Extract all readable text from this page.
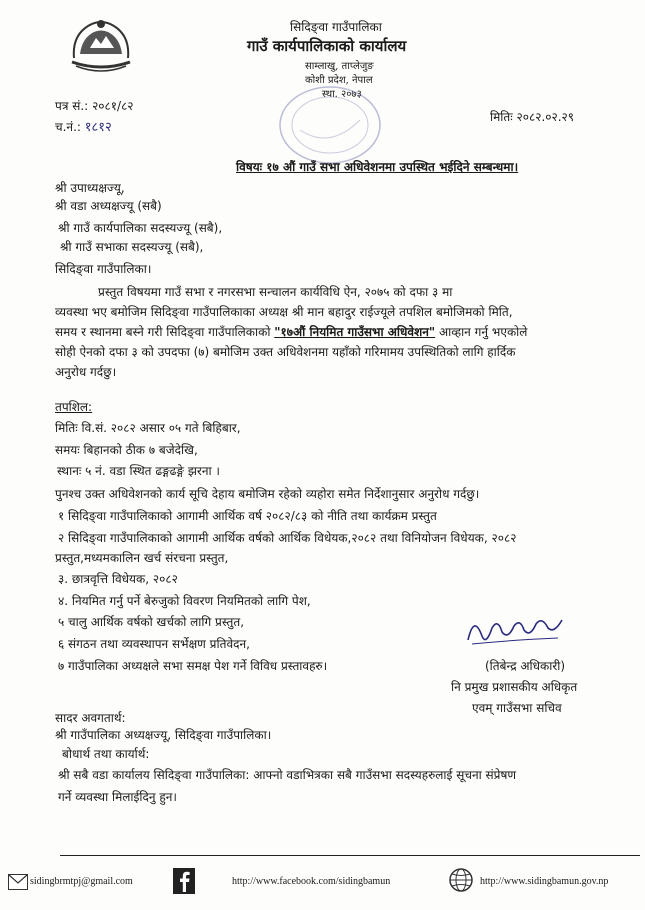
सिदिङ्वा गाउँपालिका
गाउँ कार्यपालिकाको कार्यालय
साम्लाखु, ताप्लेजुङ
कोशी प्रदेश, नेपाल
स्था. २०७३
पत्र सं.: २०८१/८२
च.नं.: १८१२
मितिः २०८२.०२.२९
विषयः १७ औं गाउँ सभा अधिवेशनमा उपस्थित भईदिने सम्बन्धमा।
श्री उपाध्यक्षज्यू,
श्री वडा अध्यक्षज्यू (सबै)
श्री गाउँ कार्यपालिका सदस्यज्यू (सबै),
श्री गाउँ सभाका सदस्यज्यू (सबै),
सिदिङ्वा गाउँपालिका।
प्रस्तुत विषयमा गाउँ सभा र नगरसभा सन्चालन कार्यविधि ऐन, २०७५ को दफा ३ मा
व्यवस्था भए बमोजिम सिदिङ्वा गाउँपालिकाका अध्यक्ष श्री मान बहादुर राईज्यूले तपशिल बमोजिमको मिति,
समय र स्थानमा बस्ने गरी सिदिङ्वा गाउँपालिकाको "१७औं नियमित गाउँसभा अधिवेशन" आव्हान गर्नु भएकोले
सोही ऐनको दफा ३ को उपदफा (७) बमोजिम उक्त अधिवेशनमा यहाँको गरिमामय उपस्थितिको लागि हार्दिक
अनुरोध गर्दछु।
तपशिल:
मितिः वि.सं. २०८२ असार ०५ गते बिहिबार,
समयः बिहानको ठीक ७ बजेदेखि,
स्थानः ५ नं. वडा स्थित ढङ्गढङ्गे झरना ।
पुनश्च उक्त अधिवेशनको कार्य सूचि देहाय बमोजिम रहेको व्यहोरा समेत निर्देशानुसार अनुरोध गर्दछु।
१ सिदिङ्वा गाउँपालिकाको आगामी आर्थिक वर्ष २०८२/८३ को नीति तथा कार्यक्रम प्रस्तुत
२ सिदिङ्वा गाउँपालिकाको आगामी आर्थिक वर्षको आर्थिक विधेयक,२०८२ तथा विनियोजन विधेयक, २०८२
प्रस्तुत,मध्यमकालिन खर्च संरचना प्रस्तुत,
३. छात्रवृत्ति विधेयक, २०८२
४. नियमित गर्नु पर्ने बेरुजुको विवरण नियमितको लागि पेश,
५ चालु आर्थिक वर्षको खर्चको लागि प्रस्तुत,
६ संगठन तथा व्यवस्थापन सर्भेक्षण प्रतिवेदन,
७ गाउँपालिका अध्यक्षले सभा समक्ष पेश गर्ने विविध प्रस्तावहरु।	(तिबेन्द्र अधिकारी)
नि प्रमुख प्रशासकीय अधिकृत
एवम् गाउँसभा सचिव
सादर अवगतार्थ:
श्री गाउँपालिका अध्यक्षज्यू, सिदिङ्वा गाउँपालिका।
बोधार्थ तथा कार्यार्थ:
श्री सबै वडा कार्यालय सिदिङ्वा गाउँपालिका: आफ्नो वडाभित्रका सबै गाउँसभा सदस्यहरुलाई सूचना संप्रेषण
गर्ने व्यवस्था मिलाईदिनु हुन।
sidingbrmtpj@gmail.com	http://www.facebook.com/sidingbamun	http://www.sidingbamun.gov.np
